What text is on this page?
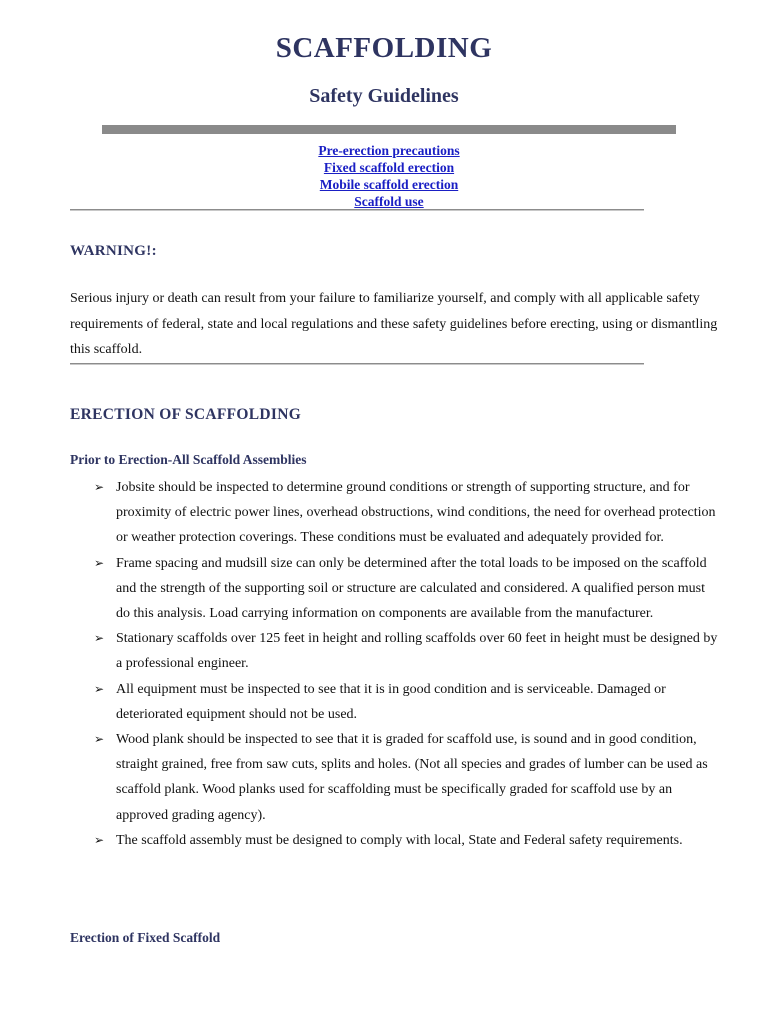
SCAFFOLDING
Safety Guidelines
Pre-erection precautions
Fixed scaffold erection
Mobile scaffold erection
Scaffold use
WARNING!:

Serious injury or death can result from your failure to familiarize yourself, and comply with all applicable safety requirements of federal, state and local regulations and these safety guidelines before erecting, using or dismantling this scaffold.

ERECTION OF SCAFFOLDING
Prior to Erection-All Scaffold Assemblies
➢ Jobsite should be inspected to determine ground conditions or strength of supporting structure, and for proximity of electric power lines, overhead obstructions, wind conditions, the need for overhead protection or weather protection coverings. These conditions must be evaluated and adequately provided for.
➢ Frame spacing and mudsill size can only be determined after the total loads to be imposed on the scaffold and the strength of the supporting soil or structure are calculated and considered. A qualified person must do this analysis. Load carrying information on components are available from the manufacturer.
➢ Stationary scaffolds over 125 feet in height and rolling scaffolds over 60 feet in height must be designed by a professional engineer.
➢ All equipment must be inspected to see that it is in good condition and is serviceable. Damaged or deteriorated equipment should not be used.
➢ Wood plank should be inspected to see that it is graded for scaffold use, is sound and in good condition, straight grained, free from saw cuts, splits and holes. (Not all species and grades of lumber can be used as scaffold plank. Wood planks used for scaffolding must be specifically graded for scaffold use by an approved grading agency).
➢ The scaffold assembly must be designed to comply with local, State and Federal safety requirements.
Erection of Fixed Scaffold
